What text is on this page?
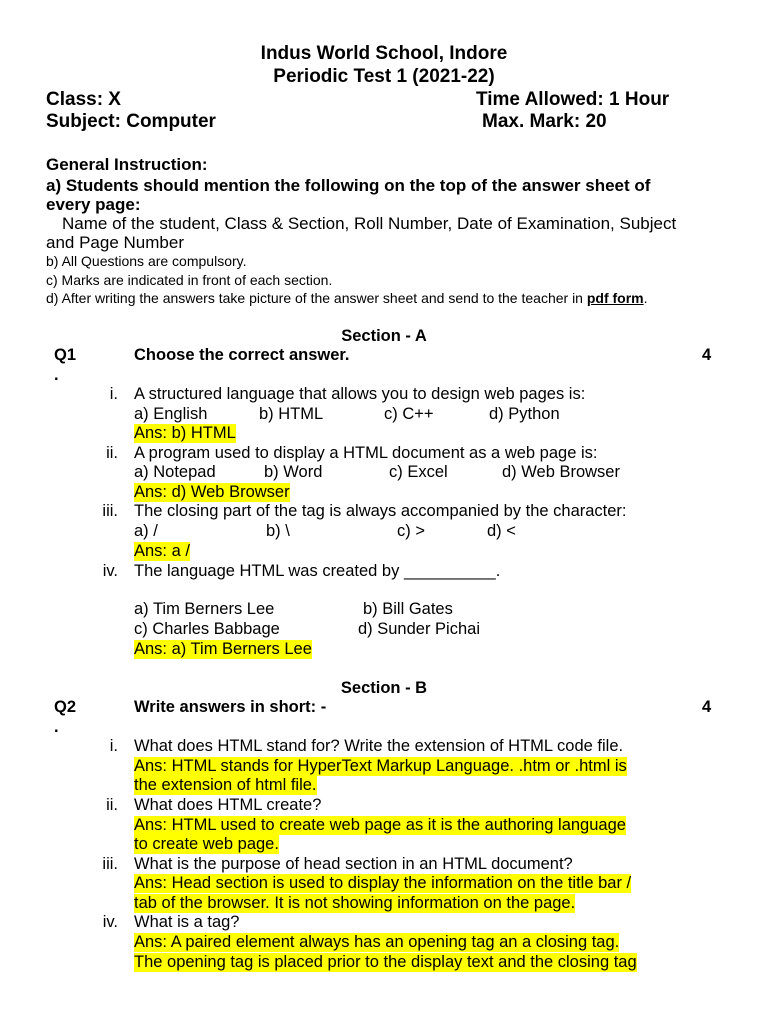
Indus World School, Indore
Periodic Test 1 (2021-22)
Class: X	Time Allowed: 1 Hour
Subject: Computer	Max. Mark: 20
General Instruction:
a) Students should mention the following on the top of the answer sheet of
every page:
Name of the student, Class & Section, Roll Number, Date of Examination, Subject
and Page Number
b) All Questions are compulsory.
c) Marks are indicated in front of each section.
d) After writing the answers take picture of the answer sheet and send to the teacher in pdf form.
Section - A
Q1
.
Choose the correct answer.	4
i. A structured language that allows you to design web pages is:
a) English	b) HTML	c) C++	d) Python
Ans: b) HTML
ii. A program used to display a HTML document as a web page is:
a) Notepad	b) Word	c) Excel	d) Web Browser
Ans: d) Web Browser
iii. The closing part of the tag is always accompanied by the character:
a) /	b) \	c) >	d) <
Ans: a /
iv. The language HTML was created by __________.
a) Tim Berners Lee	b) Bill Gates
c) Charles Babbage	d) Sunder Pichai
Ans: a) Tim Berners Lee
Section - B
Q2
.
Write answers in short: -	4
i. What does HTML stand for? Write the extension of HTML code file.
Ans: HTML stands for HyperText Markup Language. .htm or .html is
the extension of html file.
ii. What does HTML create?
Ans: HTML used to create web page as it is the authoring language
to create web page.
iii. What is the purpose of head section in an HTML document?
Ans: Head section is used to display the information on the title bar /
tab of the browser. It is not showing information on the page.
iv. What is a tag?
Ans: A paired element always has an opening tag an a closing tag.
The opening tag is placed prior to the display text and the closing tag
